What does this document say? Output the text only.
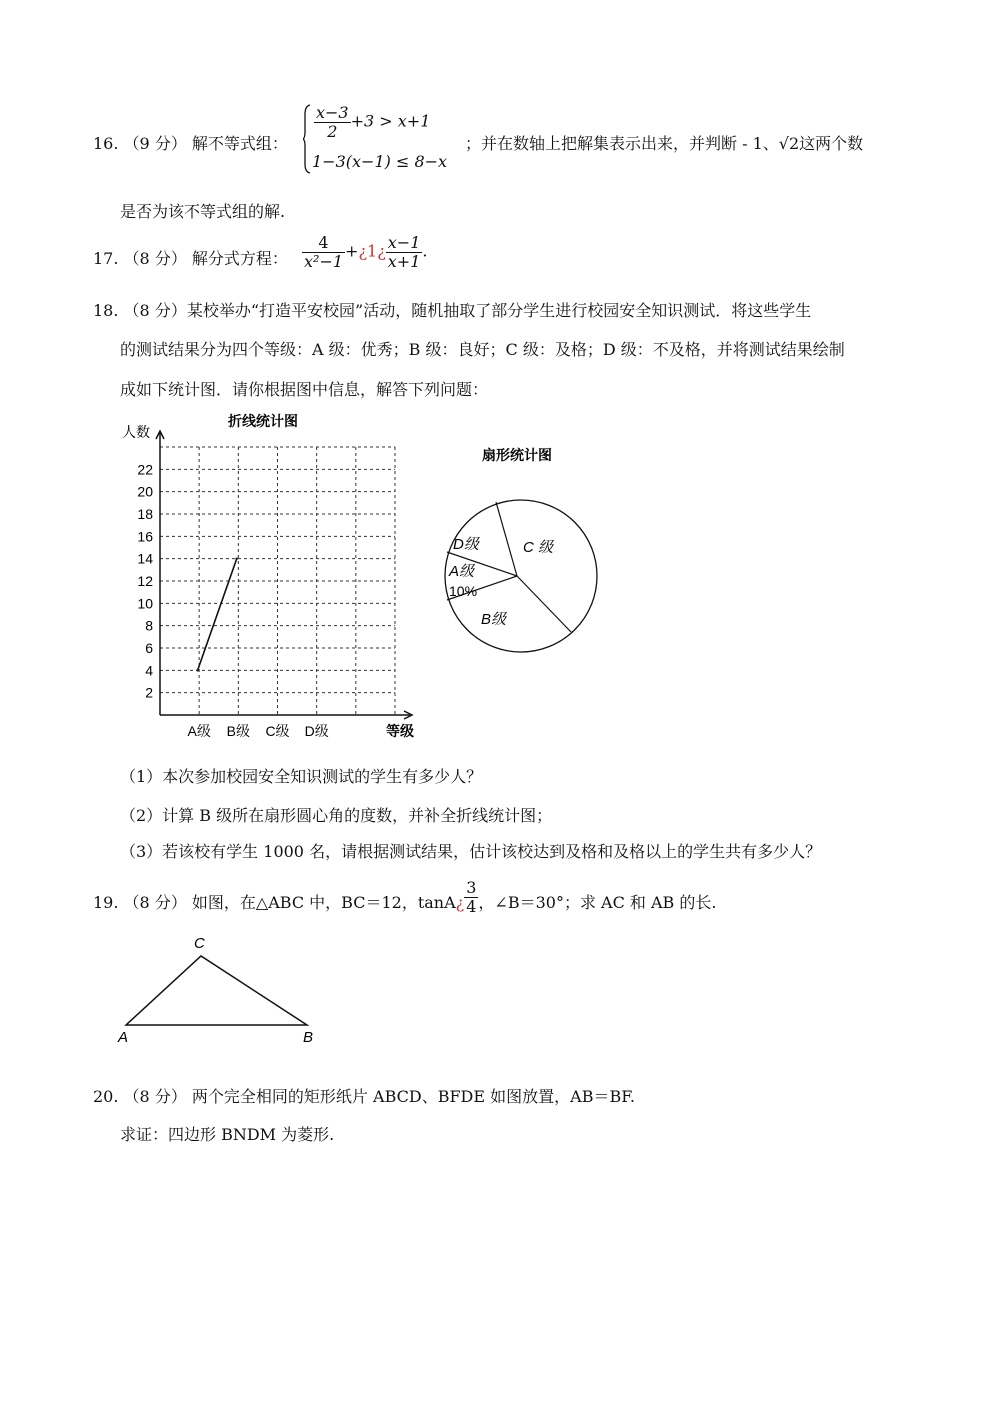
16. （9 分） 解不等式组：
$\frac{x-3}{2} +3 > x+1$
1−3(x−1) ≤ 8−x
；并在数轴上把解集表示出来，并判断 - 1、√2这两个数
是否为该不等式组的解.
17. （8 分） 解分式方程： $\frac{4}{\text{x²−1}}$ +¿1¿ $\frac{x-1}{x+1}$ .
18. （8 分）某校举办“打造平安校园”活动，随机抽取了部分学生进行校园安全知识测试．将这些学生
的测试结果分为四个等级：A 级：优秀；B 级：良好；C 级：及格；D 级：不及格，并将测试结果绘制
成如下统计图．请你根据图中信息，解答下列问题：
折线统计图
人数
等级
2
4
6
8
10
12
14
16
18
20
22
A级 B级 C级 D级
扇形统计图
C 级
D级
A级
10%
B级
（1）本次参加校园安全知识测试的学生有多少人？
（2）计算 B 级所在扇形圆心角的度数，并补全折线统计图；
（3）若该校有学生 1000 名，请根据测试结果，估计该校达到及格和及格以上的学生共有多少人？
19. （8 分） 如图，在△ABC 中，BC＝12，tanA¿ $\frac{3}{4}$ ，∠B＝30°；求 AC 和 AB 的长.
C
A	B
20. （8 分） 两个完全相同的矩形纸片 ABCD、BFDE 如图放置，AB＝BF.
求证：四边形 BNDM 为菱形.
